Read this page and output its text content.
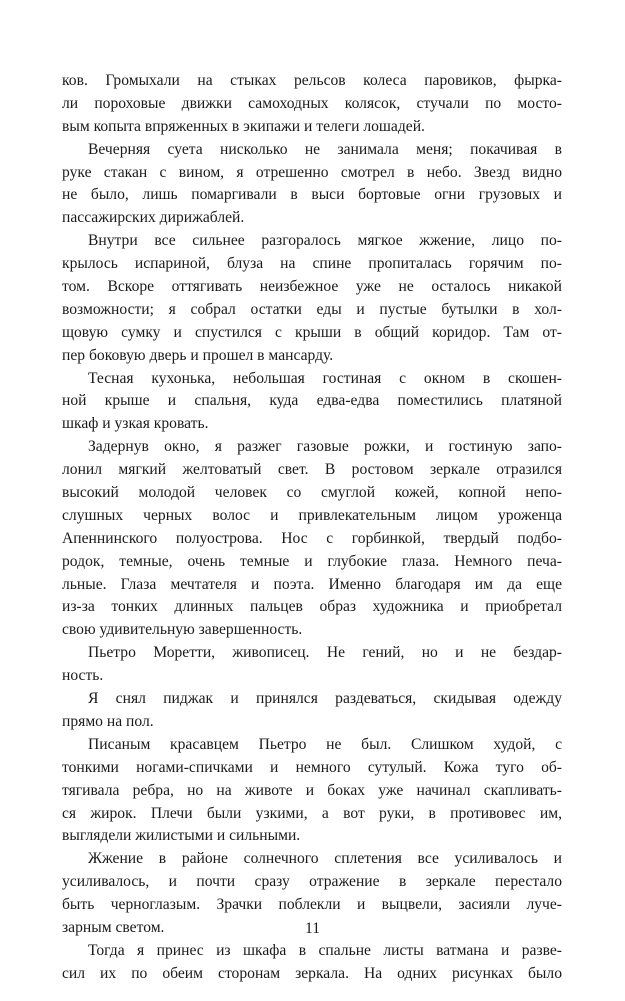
ков. Громыхали на стыках рельсов колеса паровиков, фырка-
ли пороховые движки самоходных колясок, стучали по мосто-
вым копыта впряженных в экипажи и телеги лошадей.
Вечерняя суета нисколько не занимала меня; покачивая в
руке стакан с вином, я отрешенно смотрел в небо. Звезд видно
не было, лишь помаргивали в выси бортовые огни грузовых и
пассажирских дирижаблей.
Внутри все сильнее разгоралось мягкое жжение, лицо по-
крылось испариной, блуза на спине пропиталась горячим по-
том. Вскоре оттягивать неизбежное уже не осталось никакой
возможности; я собрал остатки еды и пустые бутылки в хол-
щовую сумку и спустился с крыши в общий коридор. Там от-
пер боковую дверь и прошел в мансарду.
Тесная кухонька, небольшая гостиная с окном в скошен-
ной крыше и спальня, куда едва-едва поместились платяной
шкаф и узкая кровать.
Задернув окно, я разжег газовые рожки, и гостиную запо-
лонил мягкий желтоватый свет. В ростовом зеркале отразился
высокий молодой человек со смуглой кожей, копной непо-
слушных черных волос и привлекательным лицом уроженца
Апеннинского полуострова. Нос с горбинкой, твердый подбо-
родок, темные, очень темные и глубокие глаза. Немного печа-
льные. Глаза мечтателя и поэта. Именно благодаря им да еще
из-за тонких длинных пальцев образ художника и приобретал
свою удивительную завершенность.
Пьетро Моретти, живописец. Не гений, но и не бездар-
ность.
Я снял пиджак и принялся раздеваться, скидывая одежду
прямо на пол.
Писаным красавцем Пьетро не был. Слишком худой, с
тонкими ногами-спичками и немного сутулый. Кожа туго об-
тягивала ребра, но на животе и боках уже начинал скапливать-
ся жирок. Плечи были узкими, а вот руки, в противовес им,
выглядели жилистыми и сильными.
Жжение в районе солнечного сплетения все усиливалось и
усиливалось, и почти сразу отражение в зеркале перестало
быть черноглазым. Зрачки поблекли и выцвели, засияли луче-
зарным светом.
Тогда я принес из шкафа в спальне листы ватмана и разве-
сил их по обеим сторонам зеркала. На одних рисунках было
11
